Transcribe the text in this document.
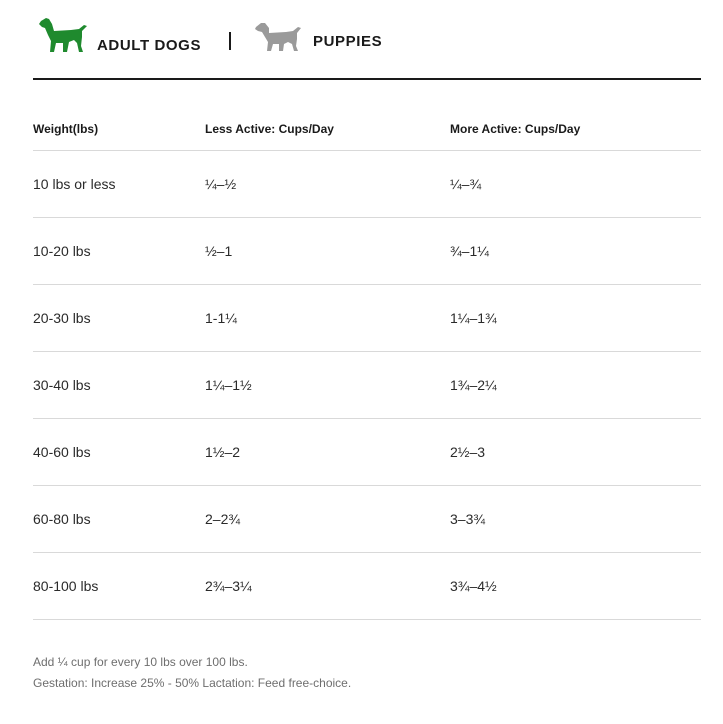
ADULT DOGS	PUPPIES
Weight(lbs)	Less Active: Cups/Day	More Active: Cups/Day
10 lbs or less	¼–½	¼–¾
10-20 lbs	½–1	¾–1¼
20-30 lbs	1-1¼	1¼–1¾
30-40 lbs	1¼–1½	1¾–2¼
40-60 lbs	1½–2	2½–3
60-80 lbs	2–2¾	3–3¾
80-100 lbs	2¾–3¼	3¾–4½
Add ¼ cup for every 10 lbs over 100 lbs.
Gestation: Increase 25% - 50% Lactation: Feed free-choice.
